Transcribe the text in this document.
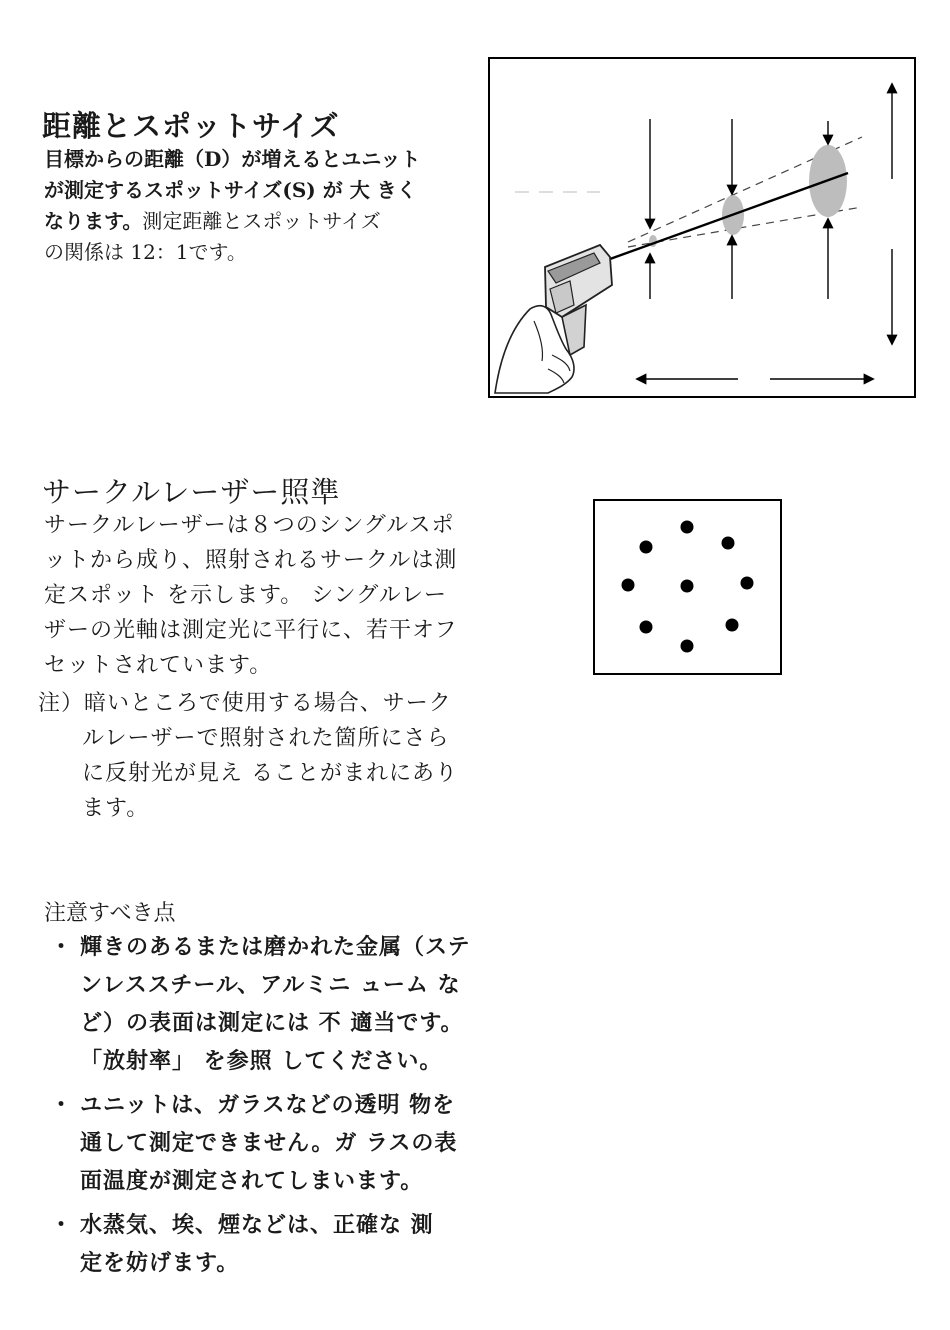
距離とスポットサイズ

目標からの距離（D）が増えるとユニット

が測定するスポットサイズ(S) が 大 きく

なります。測定距離とスポットサイズ

の関係は 12：1です。

サークルレーザー照準

サークルレーザーは８つのシングルスポ

ットから成り、照射されるサークルは測

定スポット を示します。 シングルレー

ザーの光軸は測定光に平行に、若干オフ

セットされています。

注）暗いところで使用する場合、サーク

ルレーザーで照射された箇所にさら

に反射光が見え ることがまれにあり

ます。

注意すべき点
・ 輝きのあるまたは磨かれた金属（ステ

ンレススチール、アルミニ ューム な

ど）の表面は測定には 不 適当です。

「放射率」 を参照 してください。

・ ユニットは、ガラスなどの透明 物を

通して測定できません。ガ ラスの表

面温度が測定されてしまいます。

・ 水蒸気、埃、煙などは、正確な 測

定を妨げます。
